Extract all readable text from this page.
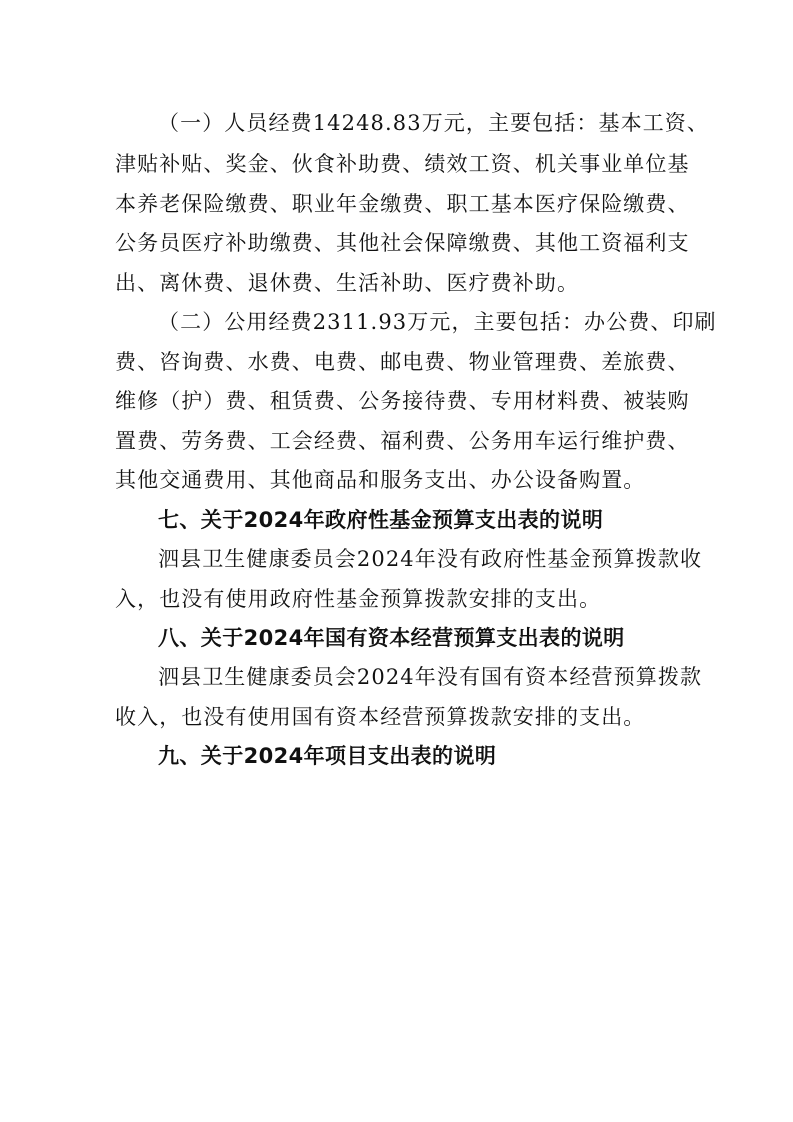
（一）人员经费14248.83万元，主要包括：基本工资、
津贴补贴、奖金、伙食补助费、绩效工资、机关事业单位基
本养老保险缴费、职业年金缴费、职工基本医疗保险缴费、
公务员医疗补助缴费、其他社会保障缴费、其他工资福利支
出、离休费、退休费、生活补助、医疗费补助。
（二）公用经费2311.93万元，主要包括：办公费、印刷
费、咨询费、水费、电费、邮电费、物业管理费、差旅费、
维修（护）费、租赁费、公务接待费、专用材料费、被装购
置费、劳务费、工会经费、福利费、公务用车运行维护费、
其他交通费用、其他商品和服务支出、办公设备购置。
七、关于2024年政府性基金预算支出表的说明
泗县卫生健康委员会2024年没有政府性基金预算拨款收
入，也没有使用政府性基金预算拨款安排的支出。
八、关于2024年国有资本经营预算支出表的说明
泗县卫生健康委员会2024年没有国有资本经营预算拨款
收入，也没有使用国有资本经营预算拨款安排的支出。
九、关于2024年项目支出表的说明
